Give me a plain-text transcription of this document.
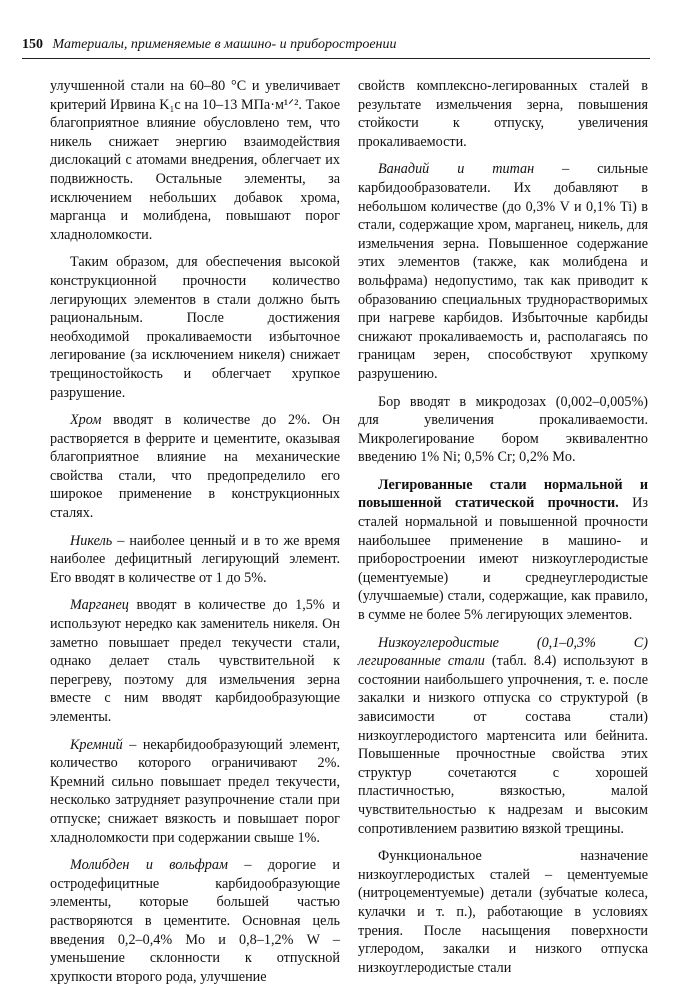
150 Материалы, применяемые в машино- и приборостроении

улучшенной стали на 60–80 °С и увеличивает критерий Ирвина K₁c на 10–13 МПа·м¹ᐟ². Такое благоприятное влияние обусловлено тем, что никель снижает энергию взаимодействия дислокаций с атомами внедрения, облегчает их подвижность. Остальные элементы, за исключением небольших добавок хрома, марганца и молибдена, повышают порог хладноломкости.

Таким образом, для обеспечения высокой конструкционной прочности количество легирующих элементов в стали должно быть рациональным. После достижения необходимой прокаливаемости избыточное легирование (за исключением никеля) снижает трещиностойкость и облегчает хрупкое разрушение.

Хром вводят в количестве до 2%. Он растворяется в феррите и цементите, оказывая благоприятное влияние на механические свойства стали, что предопределило его широкое применение в конструкционных сталях.

Никель – наиболее ценный и в то же время наиболее дефицитный легирующий элемент. Его вводят в количестве от 1 до 5%.

Марганец вводят в количестве до 1,5% и используют нередко как заменитель никеля. Он заметно повышает предел текучести стали, однако делает сталь чувствительной к перегреву, поэтому для измельчения зерна вместе с ним вводят карбидообразующие элементы.

Кремний – некарбидообразующий элемент, количество которого ограничивают 2%. Кремний сильно повышает предел текучести, несколько затрудняет разупрочнение стали при отпуске; снижает вязкость и повышает порог хладноломкости при содержании свыше 1%.

Молибден и вольфрам – дорогие и остродефицитные карбидообразующие элементы, которые большей частью растворяются в цементите. Основная цель введения 0,2–0,4% Mo и 0,8–1,2% W – уменьшение склонности к отпускной хрупкости второго рода, улучшение

свойств комплексно-легированных сталей в результате измельчения зерна, повышения стойкости к отпуску, увеличения прокаливаемости.

Ванадий и титан – сильные карбидообразователи. Их добавляют в небольшом количестве (до 0,3% V и 0,1% Ti) в стали, содержащие хром, марганец, никель, для измельчения зерна. Повышенное содержание этих элементов (также, как молибдена и вольфрама) недопустимо, так как приводит к образованию специальных труднорастворимых при нагреве карбидов. Избыточные карбиды снижают прокаливаемость и, располагаясь по границам зерен, способствуют хрупкому разрушению.

Бор вводят в микродозах (0,002–0,005%) для увеличения прокаливаемости. Микролегирование бором эквивалентно введению 1% Ni; 0,5% Cr; 0,2% Mo.

Легированные стали нормальной и повышенной статической прочности. Из сталей нормальной и повышенной прочности наибольшее применение в машино- и приборостроении имеют низкоуглеродистые (цементуемые) и среднеуглеродистые (улучшаемые) стали, содержащие, как правило, в сумме не более 5% легирующих элементов.

Низкоуглеродистые (0,1–0,3% С) легированные стали (табл. 8.4) используют в состоянии наибольшего упрочнения, т. е. после закалки и низкого отпуска со структурой (в зависимости от состава стали) низкоуглеродистого мартенсита или бейнита. Повышенные прочностные свойства этих структур сочетаются с хорошей пластичностью, вязкостью, малой чувствительностью к надрезам и высоким сопротивлением развитию вязкой трещины.

Функциональное назначение низкоуглеродистых сталей – цементуемые (нитроцементуемые) детали (зубчатые колеса, кулачки и т. п.), работающие в условиях трения. После насыщения поверхности углеродом, закалки и низкого отпуска низкоуглеродистые стали
